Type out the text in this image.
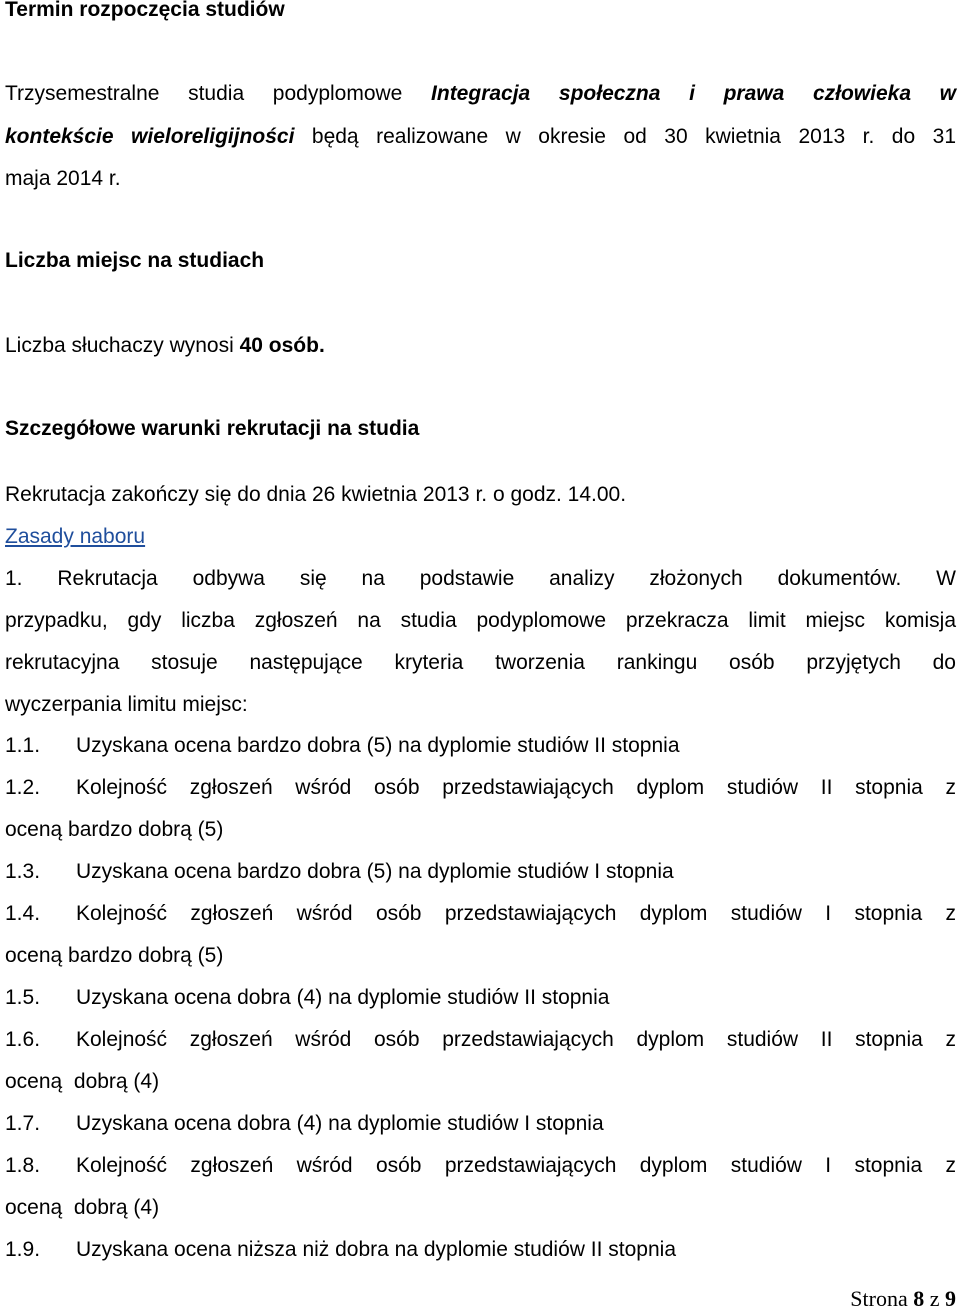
Termin rozpoczęcia studiów
Trzysemestralne studia podyplomowe Integracja społeczna i prawa człowieka w
kontekście wieloreligijności będą realizowane w okresie od 30 kwietnia 2013 r. do 31
maja 2014 r.
Liczba miejsc na studiach
Liczba słuchaczy wynosi 40 osób.
Szczegółowe warunki rekrutacji na studia
Rekrutacja zakończy się do dnia 26 kwietnia 2013 r. o godz. 14.00.
Zasady naboru
1. Rekrutacja odbywa się na podstawie analizy złożonych dokumentów. W
przypadku, gdy liczba zgłoszeń na studia podyplomowe przekracza limit miejsc komisja
rekrutacyjna stosuje następujące kryteria tworzenia rankingu osób przyjętych do
wyczerpania limitu miejsc:
1.1. Uzyskana ocena bardzo dobra (5) na dyplomie studiów II stopnia
1.2. Kolejność zgłoszeń wśród osób przedstawiających dyplom studiów II stopnia z
oceną bardzo dobrą (5)
1.3. Uzyskana ocena bardzo dobra (5) na dyplomie studiów I stopnia
1.4. Kolejność zgłoszeń wśród osób przedstawiających dyplom studiów I stopnia z
oceną bardzo dobrą (5)
1.5. Uzyskana ocena dobra (4) na dyplomie studiów II stopnia
1.6. Kolejność zgłoszeń wśród osób przedstawiających dyplom studiów II stopnia z
oceną  dobrą (4)
1.7. Uzyskana ocena dobra (4) na dyplomie studiów I stopnia
1.8. Kolejność zgłoszeń wśród osób przedstawiających dyplom studiów I stopnia z
oceną  dobrą (4)
1.9. Uzyskana ocena niższa niż dobra na dyplomie studiów II stopnia
Strona 8 z 9
